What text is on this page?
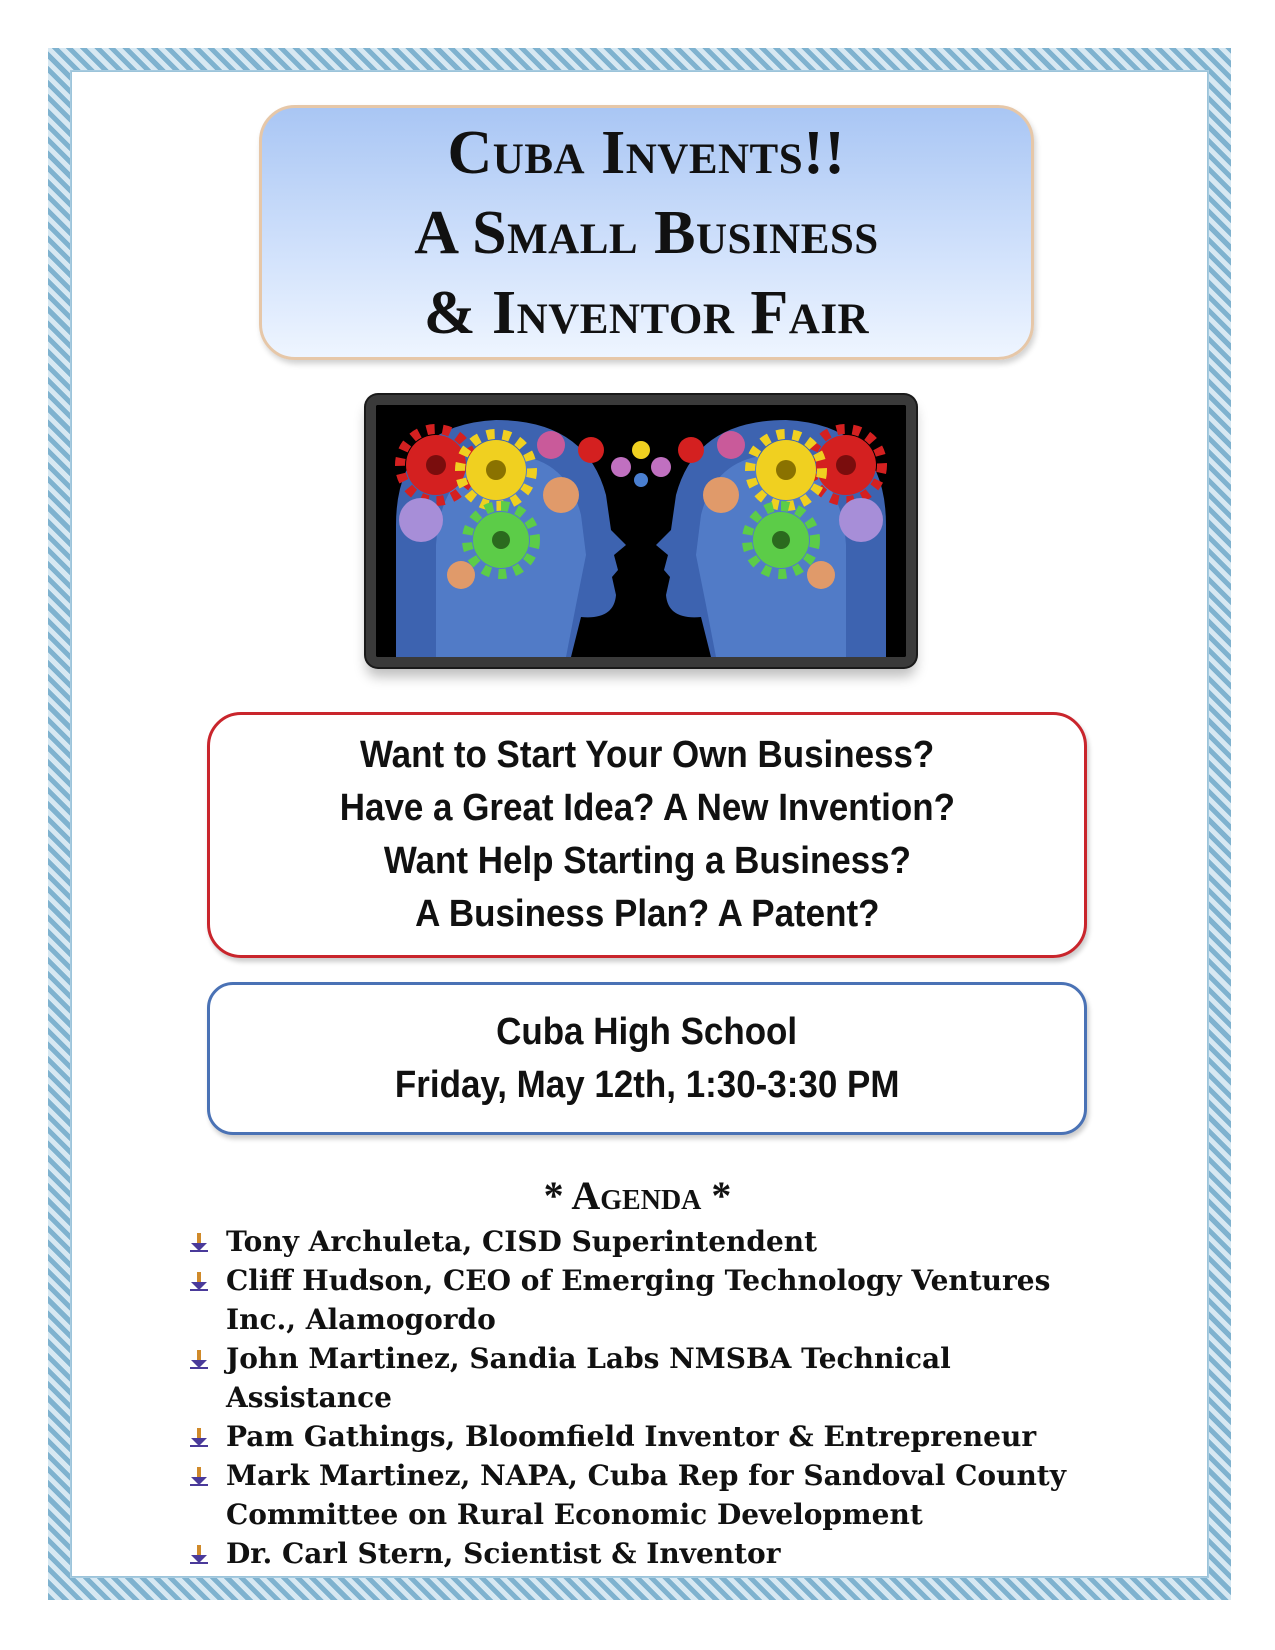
Cuba Invents!!
A Small Business
& Inventor Fair
Want to Start Your Own Business?
Have a Great Idea? A New Invention?
Want Help Starting a Business?
A Business Plan? A Patent?
Cuba High School
Friday, May 12th, 1:30-3:30 PM
* Agenda *
Tony Archuleta, CISD Superintendent
Cliff Hudson, CEO of Emerging Technology Ventures Inc., Alamogordo
John Martinez, Sandia Labs NMSBA Technical Assistance
Pam Gathings, Bloomfield Inventor & Entrepreneur
Mark Martinez, NAPA, Cuba Rep for Sandoval County Committee on Rural Economic Development
Dr. Carl Stern, Scientist & Inventor
